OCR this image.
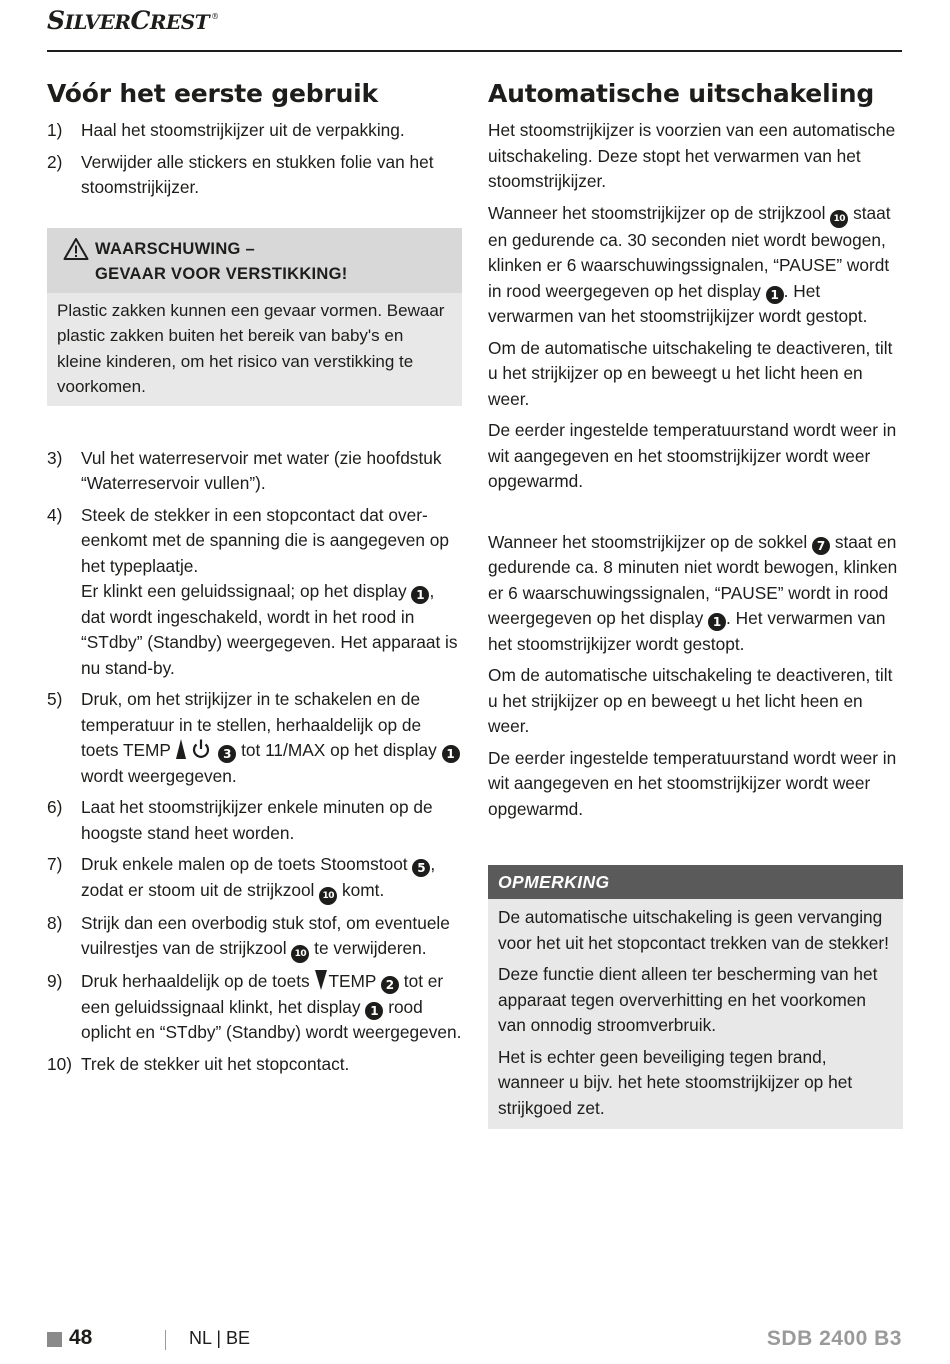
SILVERCREST ®
Vóór het eerste gebruik
1) Haal het stoomstrijkijzer uit de verpakking.
2) Verwijder alle stickers en stukken folie van het stoomstrijkijzer.
WAARSCHUWING –
GEVAAR VOOR VERSTIKKING!
Plastic zakken kunnen een gevaar vormen. Bewaar plastic zakken buiten het bereik van baby's en kleine kinderen, om het risico van verstikking te voorkomen.
3) Vul het waterreservoir met water (zie hoofdstuk “Waterreservoir vullen”).
4) Steek de stekker in een stopcontact dat overeenkomt met de spanning die is aangegeven op het typeplaatje.
Er klinkt een geluidssignaal; op het display 1 , dat wordt ingeschakeld, wordt in het rood in “STdby” (Standby) weergegeven. Het apparaat is nu stand-by.
5) Druk, om het strijkijzer in te schakelen en de temperatuur in te stellen, herhaaldelijk op de toets TEMP	3 tot 11/MAX op het display 1 wordt weergegeven.
6) Laat het stoomstrijkijzer enkele minuten op de hoogste stand heet worden.
7) Druk enkele malen op de toets Stoomstoot 5 , zodat er stoom uit de strijkzool 10 komt.
8) Strijk dan een overbodig stuk stof, om eventuele vuilrestjes van de strijkzool 10 te verwijderen.
9) Druk herhaaldelijk op de toets TEMP 2 tot er een geluidssignaal klinkt, het display 1 rood oplicht en “STdby” (Standby) wordt weergegeven.
10) Trek de stekker uit het stopcontact.
Automatische uitschakeling

Het stoomstrijkijzer is voorzien van een automatische uitschakeling. Deze stopt het verwarmen van het stoomstrijkijzer.

Wanneer het stoomstrijkijzer op de strijkzool 10 staat en gedurende ca. 30 seconden niet wordt bewogen, klinken er 6 waarschuwingssignalen, “PAUSE” wordt in rood weergegeven op het display 1 . Het verwarmen van het stoomstrijkijzer wordt gestopt.

Om de automatische uitschakeling te deactiveren, tilt u het strijkijzer op en beweegt u het licht heen en weer.

De eerder ingestelde temperatuurstand wordt weer in wit aangegeven en het stoomstrijkijzer wordt weer opgewarmd.

Wanneer het stoomstrijkijzer op de sokkel 7 staat en gedurende ca. 8 minuten niet wordt bewogen, klinken er 6 waarschuwingssignalen, “PAUSE” wordt in rood weergegeven op het display 1 . Het verwarmen van het stoomstrijkijzer wordt gestopt.

Om de automatische uitschakeling te deactiveren, tilt u het strijkijzer op en beweegt u het licht heen en weer.

De eerder ingestelde temperatuurstand wordt weer in wit aangegeven en het stoomstrijkijzer wordt weer opgewarmd.

OPMERKING

De automatische uitschakeling is geen vervanging voor het uit het stopcontact trekken van de stekker!

Deze functie dient alleen ter bescherming van het apparaat tegen oververhitting en het voorkomen van onnodig stroomverbruik.

Het is echter geen beveiliging tegen brand, wanneer u bijv. het hete stoomstrijkijzer op het strijkgoed zet.

48	NL | BE	SDB 2400 B3
